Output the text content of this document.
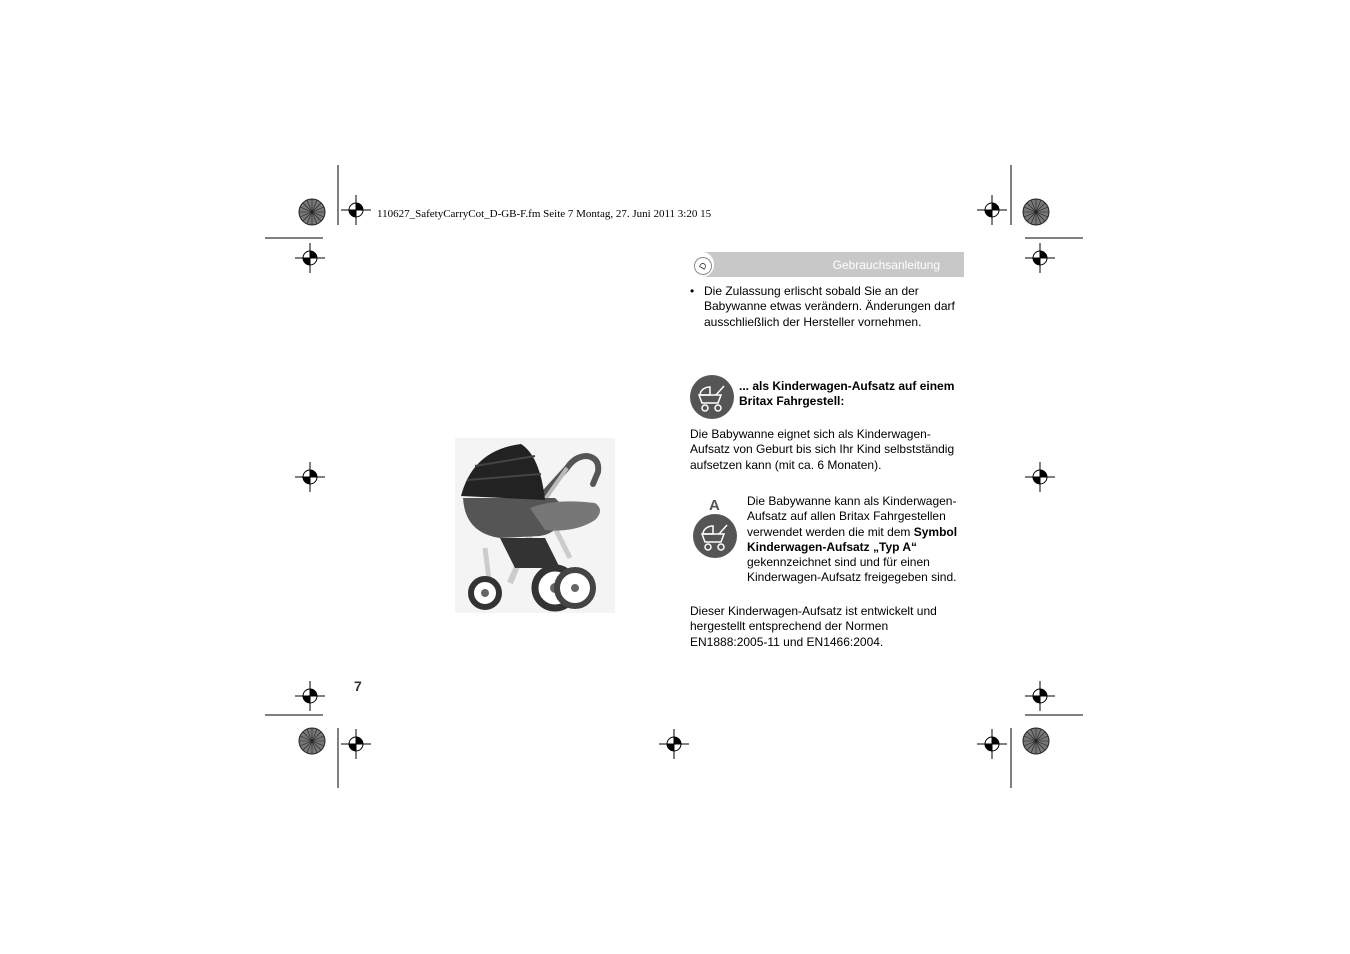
110627_SafetyCarryCot_D-GB-F.fm Seite 7 Montag, 27. Juni 2011 3:20 15
D	Gebrauchsanleitung
• Die Zulassung erlischt sobald Sie an der Babywanne etwas verändern. Änderungen darf ausschließlich der Hersteller vornehmen.
... als Kinderwagen-Aufsatz auf einem Britax Fahrgestell:
Die Babywanne eignet sich als Kinderwagen-Aufsatz von Geburt bis sich Ihr Kind selbstständig aufsetzen kann (mit ca. 6 Monaten).
A Die Babywanne kann als Kinderwagen-Aufsatz auf allen Britax Fahrgestellen verwendet werden die mit dem Symbol Kinderwagen-Aufsatz „Typ A“ gekennzeichnet sind und für einen Kinderwagen-Aufsatz freigegeben sind.
Dieser Kinderwagen-Aufsatz ist entwickelt und hergestellt entsprechend der Normen EN1888:2005-11 und EN1466:2004.
7
